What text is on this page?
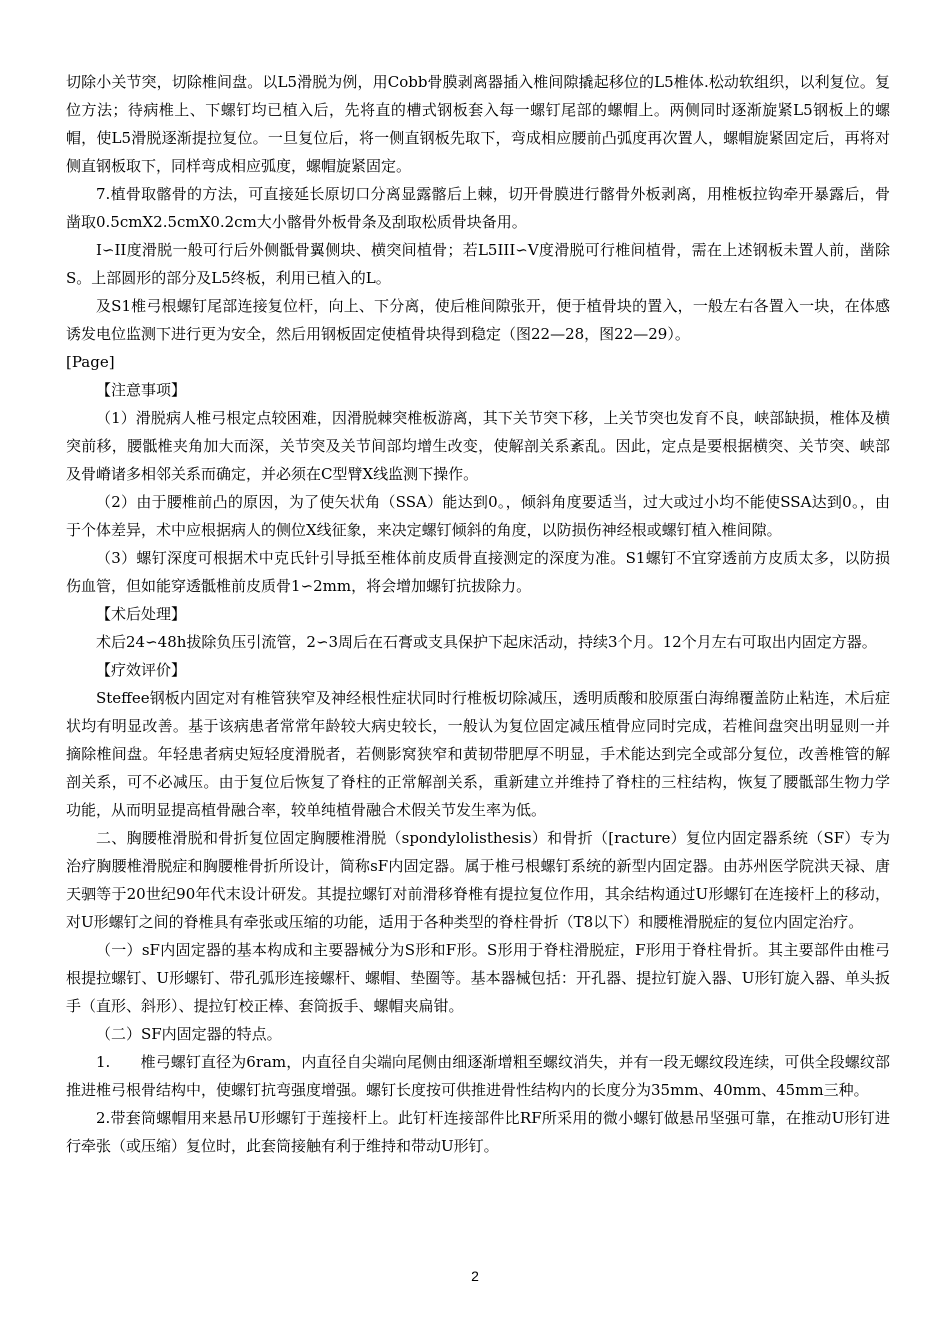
切除小关节突，切除椎间盘。以L5滑脱为例，用Cobb骨膜剥离器插入椎间隙撬起移位的L5椎体.松动软组织，以利复位。复位方法；待病椎上、下螺钉均已植入后，先将直的槽式钢板套入每一螺钉尾部的螺帽上。两侧同时逐渐旋紧L5钢板上的螺帽，使L5滑脱逐渐提拉复位。一旦复位后，将一侧直钢板先取下，弯成相应腰前凸弧度再次置人，螺帽旋紧固定后，再将对侧直钢板取下，同样弯成相应弧度，螺帽旋紧固定。

7.植骨取髂骨的方法，可直接延长原切口分离显露髂后上棘，切开骨膜进行髂骨外板剥离，用椎板拉钩牵开暴露后，骨凿取0.5cmX2.5cmX0.2cm大小髂骨外板骨条及刮取松质骨块备用。

I∽II度滑脱一般可行后外侧骶骨翼侧块、横突间植骨；若L5III∽V度滑脱可行椎间植骨，需在上述钢板未置人前，凿除S。上部圆形的部分及L5终板，利用已植入的L。

及S1椎弓根螺钉尾部连接复位杆，向上、下分离，使后椎间隙张开，便于植骨块的置入，一般左右各置入一块，在体感诱发电位监测下进行更为安全，然后用钢板固定使植骨块得到稳定（图22—28，图22—29）。

[Page]

【注意事项】

（1）滑脱病人椎弓根定点较困难，因滑脱棘突椎板游离，其下关节突下移，上关节突也发育不良，峡部缺损，椎体及横突前移，腰骶椎夹角加大而深，关节突及关节间部均增生改变，使解剖关系紊乱。因此，定点是要根据横突、关节突、峡部及骨嵴诸多相邻关系而确定，并必须在C型臂X线监测下操作。

（2）由于腰椎前凸的原因，为了使矢状角（SSA）能达到0。，倾斜角度要适当，过大或过小均不能使SSA达到0。，由于个体差异，术中应根据病人的侧位X线征象，来决定螺钉倾斜的角度，以防损伤神经根或螺钉植入椎间隙。

（3）螺钉深度可根据术中克氏针引导抵至椎体前皮质骨直接测定的深度为准。S1螺钉不宜穿透前方皮质太多，以防损伤血管，但如能穿透骶椎前皮质骨1∽2mm，将会增加螺钉抗拔除力。

【术后处理】

术后24∽48h拔除负压引流管，2∽3周后在石膏或支具保护下起床活动，持续3个月。12个月左右可取出内固定方器。

【疗效评价】

Steffee钢板内固定对有椎管狭窄及神经根性症状同时行椎板切除减压，透明质酸和胶原蛋白海绵覆盖防止粘连，术后症状均有明显改善。基于该病患者常常年龄较大病史较长，一般认为复位固定减压植骨应同时完成，若椎间盘突出明显则一并摘除椎间盘。年轻患者病史短轻度滑脱者，若侧影窝狭窄和黄韧带肥厚不明显，手术能达到完全或部分复位，改善椎管的解剖关系，可不必减压。由于复位后恢复了脊柱的正常解剖关系，重新建立并维持了脊柱的三柱结构，恢复了腰骶部生物力学功能，从而明显提高植骨融合率，较单纯植骨融合术假关节发生率为低。

二、胸腰椎滑脱和骨折复位固定胸腰椎滑脱（spondylolisthesis）和骨折（[racture）复位内固定器系统（SF）专为治疗胸腰椎滑脱症和胸腰椎骨折所设计，简称sF内固定器。属于椎弓根螺钉系统的新型内固定器。由苏州医学院洪天禄、唐天驷等于20世纪90年代末设计研发。其提拉螺钉对前滑移脊椎有提拉复位作用，其余结构通过U形螺钉在连接杆上的移动，对U形螺钉之间的脊椎具有牵张或压缩的功能，适用于各种类型的脊柱骨折（T8以下）和腰椎滑脱症的复位内固定治疗。

（一）sF内固定器的基本构成和主要器械分为S形和F形。S形用于脊柱滑脱症，F形用于脊柱骨折。其主要部件由椎弓根提拉螺钉、U形螺钉、带孔弧形连接螺杆、螺帽、垫圈等。基本器械包括：开孔器、提拉钉旋入器、U形钉旋入器、单头扳手（直形、斜形）、提拉钉校正棒、套筒扳手、螺帽夹扁钳。

（二）SF内固定器的特点。

1.　　椎弓螺钉直径为6ram，内直径自尖端向尾侧由细逐渐增粗至螺纹消失，并有一段无螺纹段连续，可供全段螺纹部推进椎弓根骨结构中，使螺钉抗弯强度增强。螺钉长度按可供推进骨性结构内的长度分为35mm、40mm、45mm三种。

2.带套筒螺帽用来悬吊U形螺钉于莲接杆上。此钉杆连接部件比RF所采用的微小螺钉做悬吊坚强可靠，在推动U形钉进行牵张（或压缩）复位时，此套筒接触有利于维持和带动U形钉。

2
